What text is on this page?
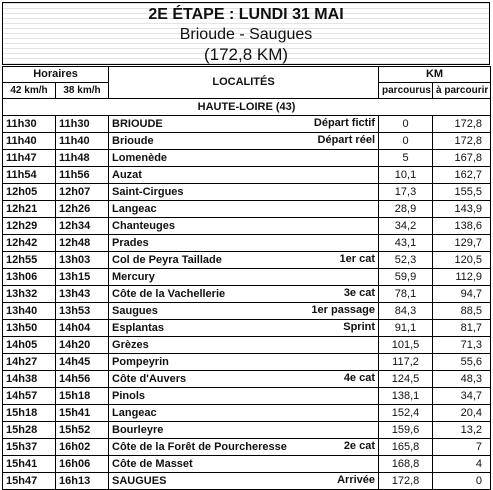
2E ÉTAPE : LUNDI 31 MAI
Brioude - Saugues
(172,8 KM)
Horaires		LOCALITÉS	KM	
42 km/h	38 km/h		parcourus	à parcourir
HAUTE-LOIRE (43)				
11h30	11h30	BRIOUDE Départ fictif	0	172,8
11h40	11h40	Brioude Départ réel	0	172,8
11h47	11h48	Lomenède	5	167,8
11h54	11h56	Auzat	10,1	162,7
12h05	12h07	Saint-Cirgues	17,3	155,5
12h21	12h26	Langeac	28,9	143,9
12h29	12h34	Chanteuges	34,2	138,6
12h42	12h48	Prades	43,1	129,7
12h55	13h03	Col de Peyra Taillade 1er cat	52,3	120,5
13h06	13h15	Mercury	59,9	112,9
13h32	13h43	Côte de la Vachellerie 3e cat	78,1	94,7
13h40	13h53	Saugues 1er passage	84,3	88,5
13h50	14h04	Esplantas Sprint	91,1	81,7
14h05	14h20	Grèzes	101,5	71,3
14h27	14h45	Pompeyrin	117,2	55,6
14h38	14h56	Côte d'Auvers 4e cat	124,5	48,3
14h57	15h18	Pinols	138,1	34,7
15h18	15h41	Langeac	152,4	20,4
15h28	15h52	Bourleyre	159,6	13,2
15h37	16h02	Côte de la Forêt de Pourcheresse 2e cat	165,8	7
15h41	16h06	Côte de Masset	168,8	4
15h47	16h13	SAUGUES Arrivée	172,8	0
